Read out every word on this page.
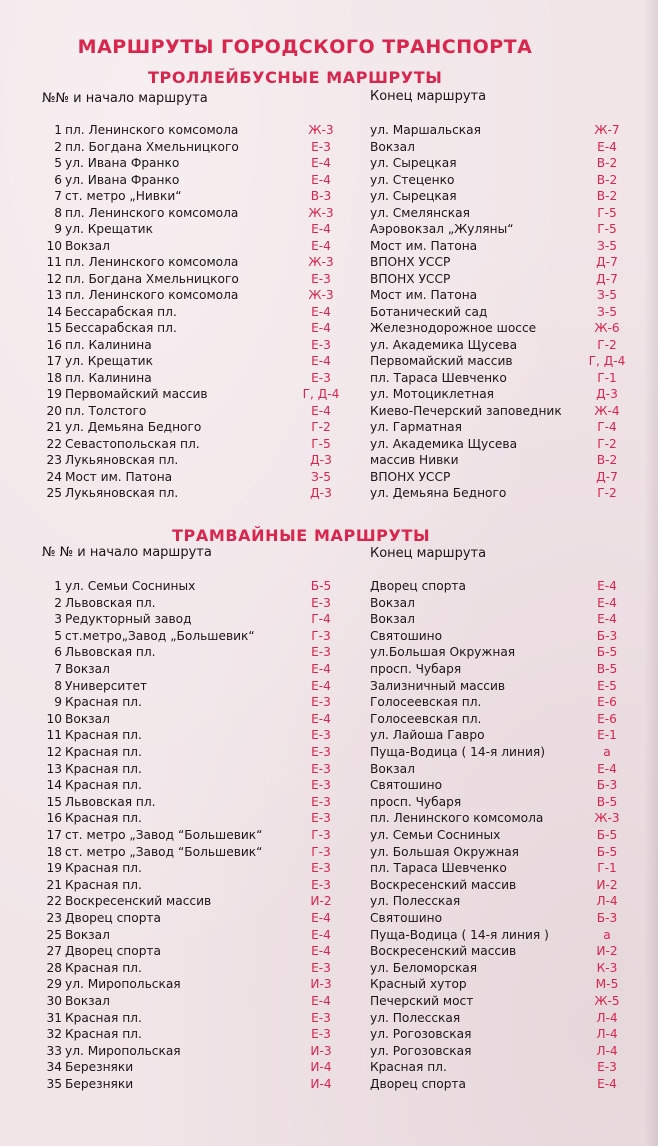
МАРШРУТЫ ГОРОДСКОГО ТРАНСПОРТА
ТРОЛЛЕЙБУСНЫЕ МАРШРУТЫ
№№ и начало маршрута	Конец маршрута
1 пл. Ленинского комсомола	Ж-3	ул. Маршальская	Ж-7
2 пл. Богдана Хмельницкого	Е-3	Вокзал	Е-4
5 ул. Ивана Франко	Е-4	ул. Сырецкая	В-2
6 ул. Ивана Франко	Е-4	ул. Стеценко	В-2
7 ст. метро „Нивки“	В-3	ул. Сырецкая	В-2
8 пл. Ленинского комсомола	Ж-3	ул. Смелянская	Г-5
9 ул. Крещатик	Е-4	Аэровокзал „Жуляны“	Г-5
10 Вокзал	Е-4	Мост им. Патона	З-5
11 пл. Ленинского комсомола	Ж-3	ВПОНХ УССР	Д-7
12 пл. Богдана Хмельницкого	Е-3	ВПОНХ УССР	Д-7
13 пл. Ленинского комсомола	Ж-3	Мост им. Патона	З-5
14 Бессарабская пл.	Е-4	Ботанический сад	З-5
15 Бессарабская пл.	Е-4	Железнодорожное шоссе	Ж-6
16 пл. Калинина	Е-3	ул. Академика Щусева	Г-2
17 ул. Крещатик	Е-4	Первомайский массив	Г, Д-4
18 пл. Калинина	Е-3	пл. Тараса Шевченко	Г-1
19 Первомайский массив	Г, Д-4	ул. Мотоциклетная	Д-3
20 пл. Толстого	Е-4	Киево-Печерский заповедник	Ж-4
21 ул. Демьяна Бедного	Г-2	ул. Гарматная	Г-4
22 Севастопольская пл.	Г-5	ул. Академика Щусева	Г-2
23 Лукьяновская пл.	Д-3	массив Нивки	В-2
24 Мост им. Патона	З-5	ВПОНХ УССР	Д-7
25 Лукьяновская пл.	Д-3	ул. Демьяна Бедного	Г-2
ТРАМВАЙНЫЕ МАРШРУТЫ
№ № и начало маршрута	Конец маршрута
1 ул. Семьи Сосниных	Б-5	Дворец спорта	Е-4
2 Львовская пл.	Е-3	Вокзал	Е-4
3 Редукторный завод	Г-4	Вокзал	Е-4
5 ст.метро„Завод „Большевик“	Г-3	Святошино	Б-3
6 Львовская пл.	Е-3	ул.Большая Окружная	Б-5
7 Вокзал	Е-4	просп. Чубаря	В-5
8 Университет	Е-4	Зализничный массив	Е-5
9 Красная пл.	Е-3	Голосеевская пл.	Е-6
10 Вокзал	Е-4	Голосеевская пл.	Е-6
11 Красная пл.	Е-3	ул. Лайоша Гавро	Е-1
12 Красная пл.	Е-3	Пуща-Водица ( 14-я линия)	а
13 Красная пл.	Е-3	Вокзал	Е-4
14 Красная пл.	Е-3	Святошино	Б-3
15 Львовская пл.	Е-3	просп. Чубаря	В-5
16 Красная пл.	Е-3	пл. Ленинского комсомола	Ж-3
17 ст. метро „Завод “Большевик“	Г-3	ул. Семьи Сосниных	Б-5
18 ст. метро „Завод “Большевик“	Г-3	ул. Большая Окружная	Б-5
19 Красная пл.	Е-3	пл. Тараса Шевченко	Г-1
21 Красная пл.	Е-3	Воскресенский массив	И-2
22 Воскресенский массив	И-2	ул. Полесская	Л-4
23 Дворец спорта	Е-4	Святошино	Б-3
25 Вокзал	Е-4	Пуща-Водица ( 14-я линия )	а
27 Дворец спорта	Е-4	Воскресенский массив	И-2
28 Красная пл.	Е-3	ул. Беломорская	К-3
29 ул. Миропольская	И-3	Красный хутор	М-5
30 Вокзал	Е-4	Печерский мост	Ж-5
31 Красная пл.	Е-3	ул. Полесская	Л-4
32 Красная пл.	Е-3	ул. Рогозовская	Л-4
33 ул. Миропольская	И-3	ул. Рогозовская	Л-4
34 Березняки	И-4	Красная пл.	Е-3
35 Березняки	И-4	Дворец спорта	Е-4
